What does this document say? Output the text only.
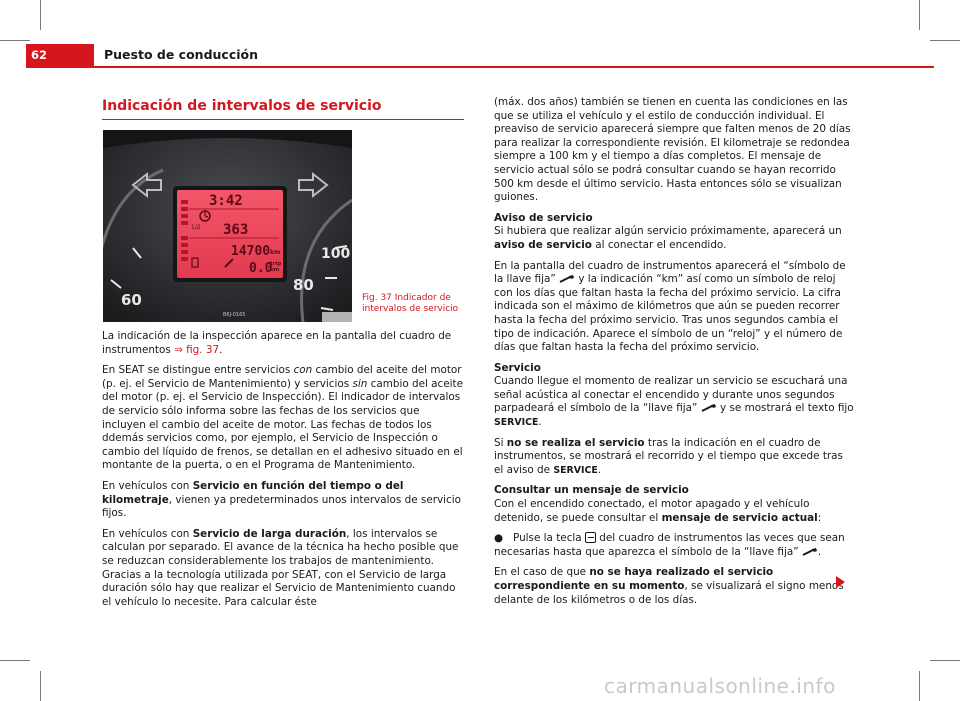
62	Puesto de conducción
Indicación de intervalos de servicio
1/2
3:42
363
14700 km
0.0
trip
km
60
80
100
B6J-0165
Fig. 37 Indicador de intervalos de servicio

La indicación de la inspección aparece en la pantalla del cuadro de instrumentos ⇒ fig. 37.

En SEAT se distingue entre servicios con cambio del aceite del motor (p. ej. el Servicio de Mantenimiento) y servicios sin cambio del aceite del motor (p. ej. el Servicio de Inspección). El indicador de intervalos de servicio sólo informa sobre las fechas de los servicios que incluyen el cambio del aceite de motor. Las fechas de todos los ddemás servicios como, por ejemplo, el Servicio de Inspección o cambio del líquido de frenos, se detallan en el adhesivo situado en el montante de la puerta, o en el Programa de Mantenimiento.

En vehículos con Servicio en función del tiempo o del kilometraje, vienen ya predeterminados unos intervalos de servicio fijos.

En vehículos con Servicio de larga duración, los intervalos se calculan por separado. El avance de la técnica ha hecho posible que se reduzcan considerablemente los trabajos de mantenimiento. Gracias a la tecnología utilizada por SEAT, con el Servicio de larga duración sólo hay que realizar el Servicio de Mantenimiento cuando el vehículo lo necesite. Para calcular éste

(máx. dos años) también se tienen en cuenta las condiciones en las que se utiliza el vehículo y el estilo de conducción individual. El preaviso de servicio aparecerá siempre que falten menos de 20 días para realizar la correspondiente revisión. El kilometraje se redondea siempre a 100 km y el tiempo a días completos. El mensaje de servicio actual sólo se podrá consultar cuando se hayan recorrido 500 km desde el último servicio. Hasta entonces sólo se visualizan guiones.

Aviso de servicio
Si hubiera que realizar algún servicio próximamente, aparecerá un aviso de servicio al conectar el encendido.

En la pantalla del cuadro de instrumentos aparecerá el “símbolo de la llave fija”  y la indicación “km” así como un símbolo de reloj con los días que faltan hasta la fecha del próximo servicio. La cifra indicada son el máximo de kilómetros que aún se pueden recorrer hasta la fecha del próximo servicio. Tras unos segundos cambia el tipo de indicación. Aparece el símbolo de un “reloj” y el número de días que faltan hasta la fecha del próximo servicio.

Servicio
Cuando llegue el momento de realizar un servicio se escuchará una señal acústica al conectar el encendido y durante unos segundos parpadeará el símbolo de la “llave fija”  y se mostrará el texto fijo SERVICE.

Si no se realiza el servicio tras la indicación en el cuadro de instrumentos, se mostrará el recorrido y el tiempo que excede tras el aviso de SERVICE.

Consultar un mensaje de servicio
Con el encendido conectado, el motor apagado y el vehículo detenido, se puede consultar el mensaje de servicio actual:

● Pulse la tecla  del cuadro de instrumentos las veces que sean necesarias hasta que aparezca el símbolo de la “llave fija” .

En el caso de que no se haya realizado el servicio correspondiente en su momento, se visualizará el signo menos delante de los kilómetros o de los días.

carmanualsonline.info
